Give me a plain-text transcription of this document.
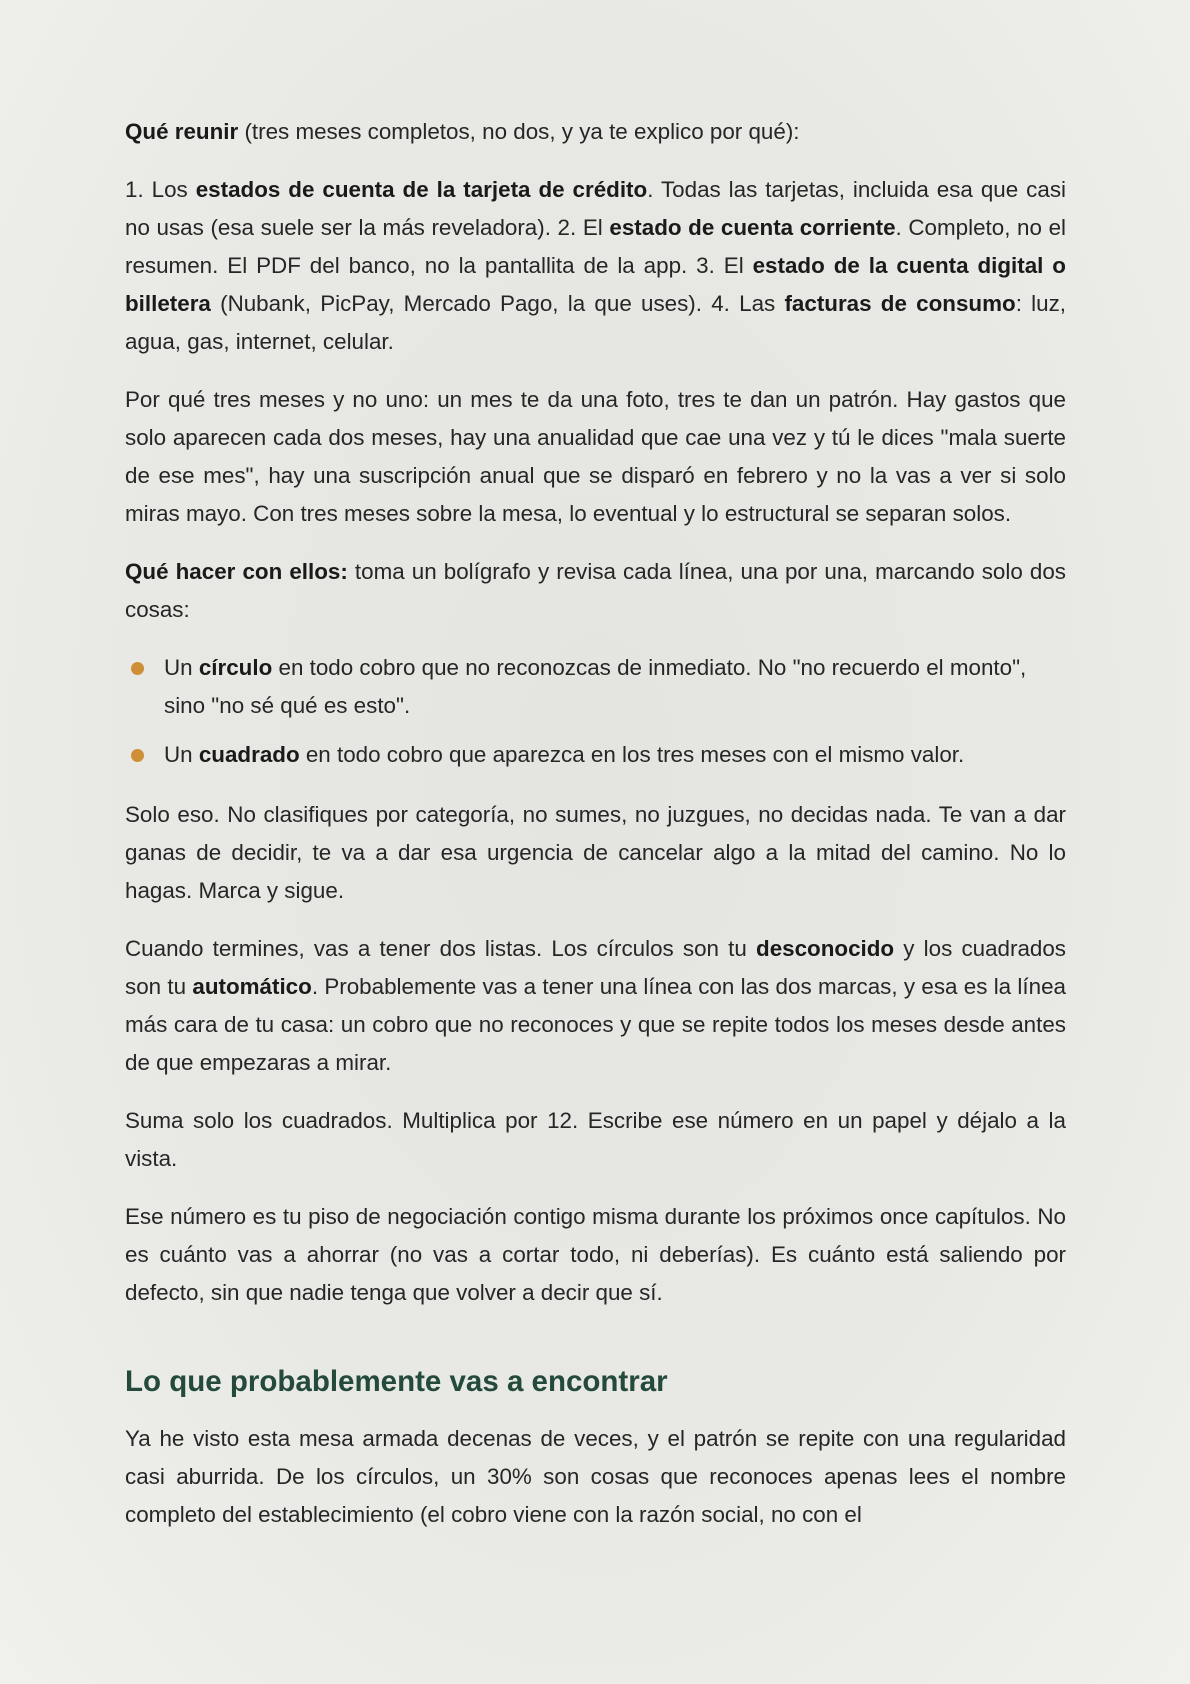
Qué reunir (tres meses completos, no dos, y ya te explico por qué):

1. Los estados de cuenta de la tarjeta de crédito. Todas las tarjetas, incluida esa que casi no usas (esa suele ser la más reveladora). 2. El estado de cuenta corriente. Completo, no el resumen. El PDF del banco, no la pantallita de la app. 3. El estado de la cuenta digital o billetera (Nubank, PicPay, Mercado Pago, la que uses). 4. Las facturas de consumo: luz, agua, gas, internet, celular.

Por qué tres meses y no uno: un mes te da una foto, tres te dan un patrón. Hay gastos que solo aparecen cada dos meses, hay una anualidad que cae una vez y tú le dices "mala suerte de ese mes", hay una suscripción anual que se disparó en febrero y no la vas a ver si solo miras mayo. Con tres meses sobre la mesa, lo eventual y lo estructural se separan solos.

Qué hacer con ellos: toma un bolígrafo y revisa cada línea, una por una, marcando solo dos cosas:

Un círculo en todo cobro que no reconozcas de inmediato. No "no recuerdo el monto", sino "no sé qué es esto".
Un cuadrado en todo cobro que aparezca en los tres meses con el mismo valor.

Solo eso. No clasifiques por categoría, no sumes, no juzgues, no decidas nada. Te van a dar ganas de decidir, te va a dar esa urgencia de cancelar algo a la mitad del camino. No lo hagas. Marca y sigue.

Cuando termines, vas a tener dos listas. Los círculos son tu desconocido y los cuadrados son tu automático. Probablemente vas a tener una línea con las dos marcas, y esa es la línea más cara de tu casa: un cobro que no reconoces y que se repite todos los meses desde antes de que empezaras a mirar.

Suma solo los cuadrados. Multiplica por 12. Escribe ese número en un papel y déjalo a la vista.

Ese número es tu piso de negociación contigo misma durante los próximos once capítulos. No es cuánto vas a ahorrar (no vas a cortar todo, ni deberías). Es cuánto está saliendo por defecto, sin que nadie tenga que volver a decir que sí.

Lo que probablemente vas a encontrar

Ya he visto esta mesa armada decenas de veces, y el patrón se repite con una regularidad casi aburrida. De los círculos, un 30% son cosas que reconoces apenas lees el nombre completo del establecimiento (el cobro viene con la razón social, no con el
